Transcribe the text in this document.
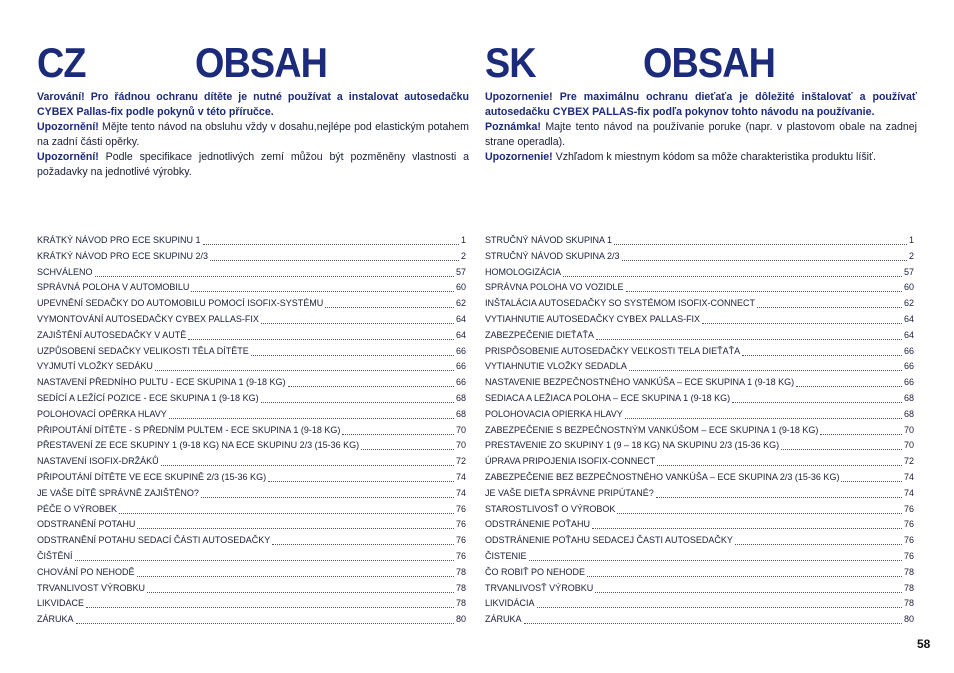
CZ	OBSAH

Varování! Pro řádnou ochranu dítěte je nutné používat a instalovat autosedačku CYBEX Pallas-fix podle pokynů v této příručce.

Upozornění! Mějte tento návod na obsluhu vždy v dosahu,nejlépe pod elastickým potahem na zadní části opěrky.

Upozornění! Podle specifikace jednotlivých zemí můžou být pozměněny vlastnosti a požadavky na jednotlivé výrobky.

KRÁTKÝ NÁVOD PRO ECE SKUPINU 1	1
KRÁTKÝ NÁVOD PRO ECE SKUPINU 2/3	2
SCHVÁLENO	57
SPRÁVNÁ POLOHA V AUTOMOBILU	60
UPEVNĚNÍ SEDAČKY DO AUTOMOBILU POMOCÍ ISOFIX-SYSTÉMU	62
VYMONTOVÁNÍ AUTOSEDAČKY CYBEX PALLAS-FIX	64
ZAJIŠTĚNÍ AUTOSEDAČKY V AUTĚ	64
UZPŮSOBENÍ SEDAČKY VELIKOSTI TĚLA DÍTĚTE	66
VYJMUTÍ VLOŽKY SEDÁKU	66
NASTAVENÍ PŘEDNÍHO PULTU - ECE SKUPINA 1 (9-18 KG)	66
SEDÍCÍ A LEŽÍCÍ POZICE - ECE SKUPINA 1 (9-18 KG)	68
POLOHOVACÍ OPĚRKA HLAVY	68
PŘIPOUTÁNÍ DÍTĚTE - S PŘEDNÍM PULTEM - ECE SKUPINA 1 (9-18 KG)	70
PŘESTAVENÍ ZE ECE SKUPINY 1 (9-18 KG) NA ECE SKUPINU 2/3 (15-36 KG)	70
NASTAVENÍ ISOFIX-DRŽÁKŮ	72
PŘIPOUTÁNÍ DÍTĚTE VE ECE SKUPINĚ 2/3 (15-36 KG)	74
JE VAŠE DÍTĚ SPRÁVNĚ ZAJIŠTĚNO?	74
PÉČE O VÝROBEK	76
ODSTRANĚNÍ POTAHU	76
ODSTRANĚNÍ POTAHU SEDACÍ ČÁSTI AUTOSEDAČKY	76
ČIŠTĚNÍ	76
CHOVÁNÍ PO NEHODĚ	78
TRVANLIVOST VÝROBKU	78
LIKVIDACE	78
ZÁRUKA	80
SK	OBSAH

Upozornenie! Pre maximálnu ochranu dieťaťa je dôležité inštalovať a používať autosedačku CYBEX PALLAS-fix podľa pokynov tohto návodu na používanie.

Poznámka! Majte tento návod na používanie poruke (napr. v plastovom obale na zadnej strane operadla).

Upozornenie! Vzhľadom k miestnym kódom sa môže charakteristika produktu líšiť.

STRUČNÝ NÁVOD SKUPINA 1	1
STRUČNÝ NÁVOD SKUPINA 2/3	2
HOMOLOGIZÁCIA	57
SPRÁVNA POLOHA VO VOZIDLE	60
INŠTALÁCIA AUTOSEDAČKY SO SYSTÉMOM ISOFIX-CONNECT	62
VYTIAHNUTIE AUTOSEDAČKY CYBEX PALLAS-FIX	64
ZABEZPEČENIE DIEŤAŤA	64
PRISPÔSOBENIE AUTOSEDAČKY VEĽKOSTI TELA DIEŤAŤA	66
VYTIAHNUTIE VLOŽKY SEDADLA	66
NASTAVENIE BEZPEČNOSTNÉHO VANKÚŠA – ECE SKUPINA 1 (9-18 KG)	66
SEDIACA A LEŽIACA POLOHA – ECE SKUPINA 1 (9-18 KG)	68
POLOHOVACIA OPIERKA HLAVY	68
ZABEZPEČENIE S BEZPEČNOSTNÝM VANKÚŠOM – ECE SKUPINA 1 (9-18 KG)	70
PRESTAVENIE ZO SKUPINY 1 (9 – 18 KG) NA SKUPINU 2/3 (15-36 KG)	70
ÚPRAVA PRIPOJENIA ISOFIX-CONNECT	72
ZABEZPEČENIE BEZ BEZPEČNOSTNÉHO VANKÚŠA – ECE SKUPINA 2/3 (15-36 KG)	74
JE VAŠE DIEŤA SPRÁVNE PRIPÚTANÉ?	74
STAROSTLIVOSŤ O VÝROBOK	76
ODSTRÁNENIE POŤAHU	76
ODSTRÁNENIE POŤAHU SEDACEJ ČASTI AUTOSEDAČKY	76
ČISTENIE	76
ČO ROBIŤ PO NEHODE	78
TRVANLIVOSŤ VÝROBKU	78
LIKVIDÁCIA	78
ZÁRUKA	80
58
